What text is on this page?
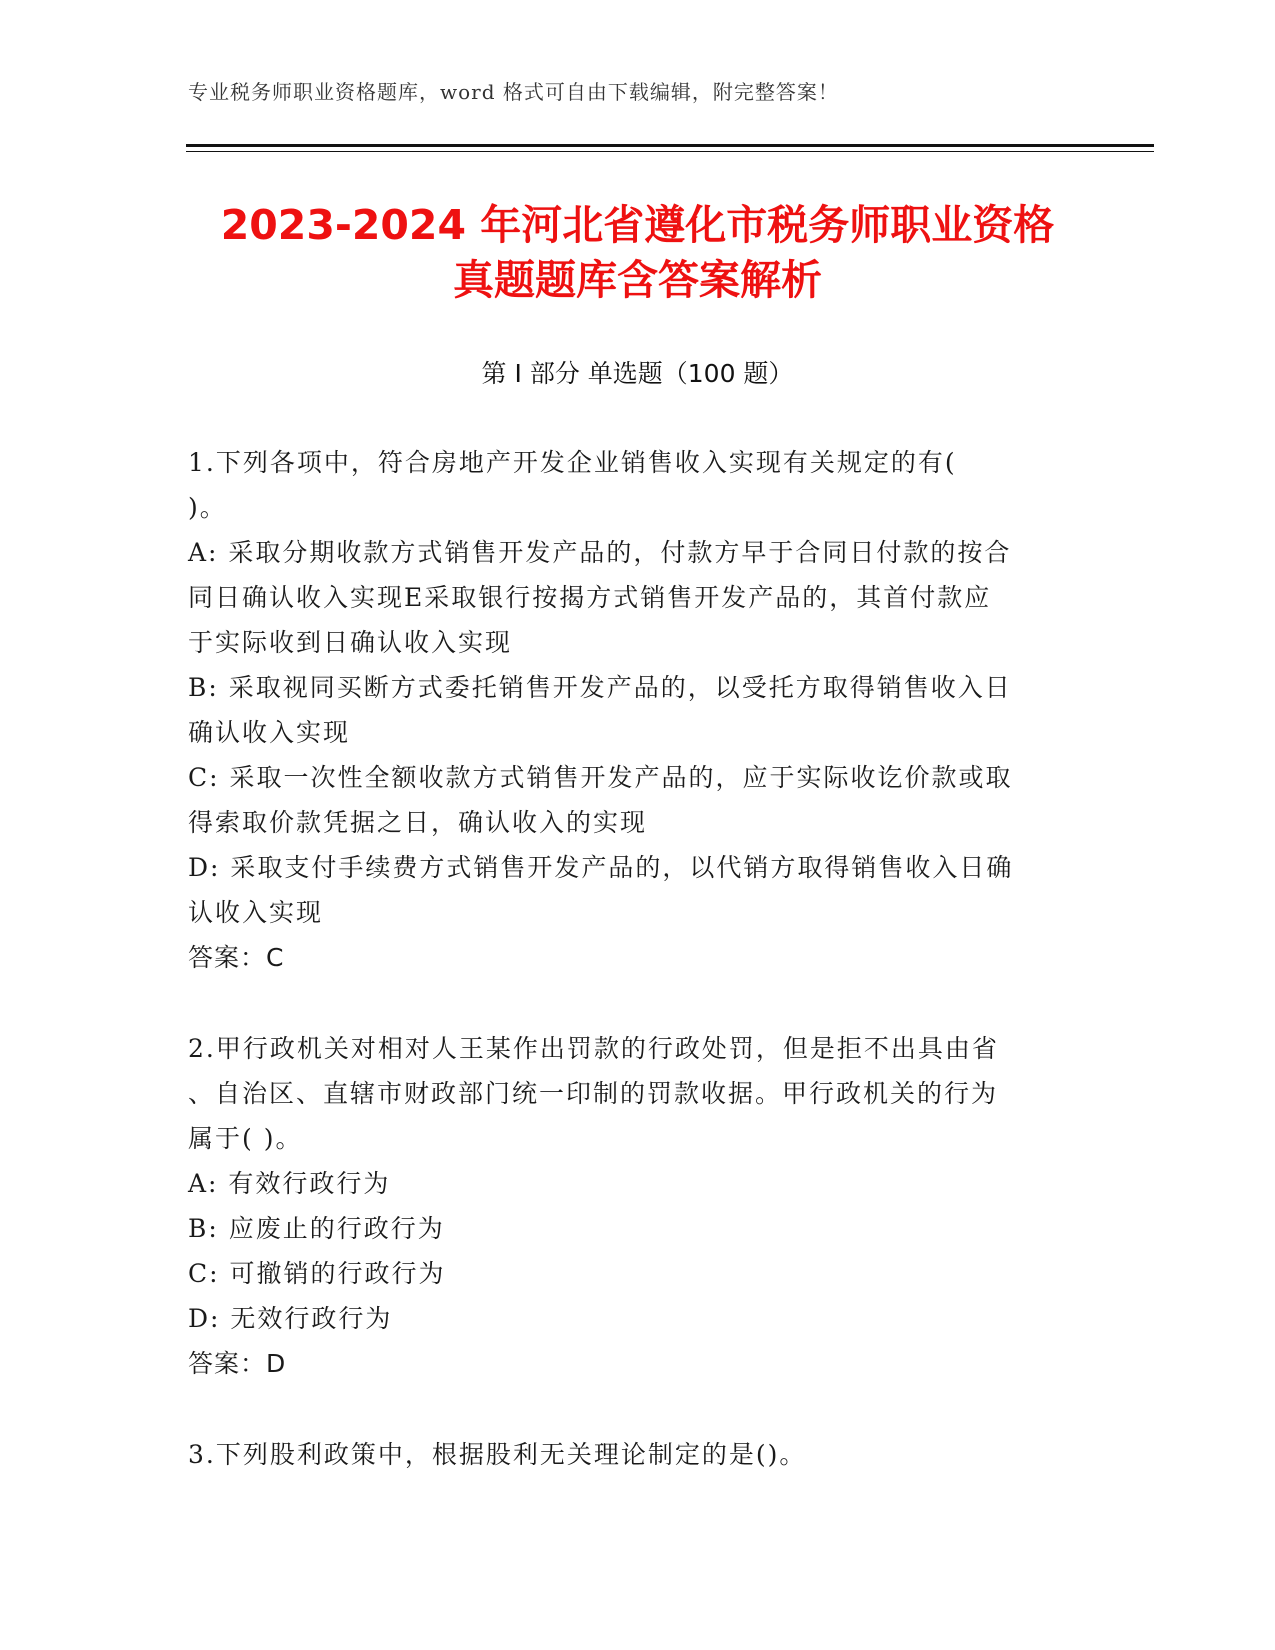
专业税务师职业资格题库，word 格式可自由下载编辑，附完整答案！
2023-2024 年河北省遵化市税务师职业资格
真题题库含答案解析
第 I 部分 单选题（100 题）
1.下列各项中，符合房地产开发企业销售收入实现有关规定的有(
)。
A: 采取分期收款方式销售开发产品的，付款方早于合同日付款的按合
同日确认收入实现E采取银行按揭方式销售开发产品的，其首付款应
于实际收到日确认收入实现
B: 采取视同买断方式委托销售开发产品的，以受托方取得销售收入日
确认收入实现
C: 采取一次性全额收款方式销售开发产品的，应于实际收讫价款或取
得索取价款凭据之日，确认收入的实现
D: 采取支付手续费方式销售开发产品的，以代销方取得销售收入日确
认收入实现
答案：C
2.甲行政机关对相对人王某作出罚款的行政处罚，但是拒不出具由省
、自治区、直辖市财政部门统一印制的罚款收据。甲行政机关的行为
属于( )。
A: 有效行政行为
B: 应废止的行政行为
C: 可撤销的行政行为
D: 无效行政行为
答案：D
3.下列股利政策中，根据股利无关理论制定的是()。
